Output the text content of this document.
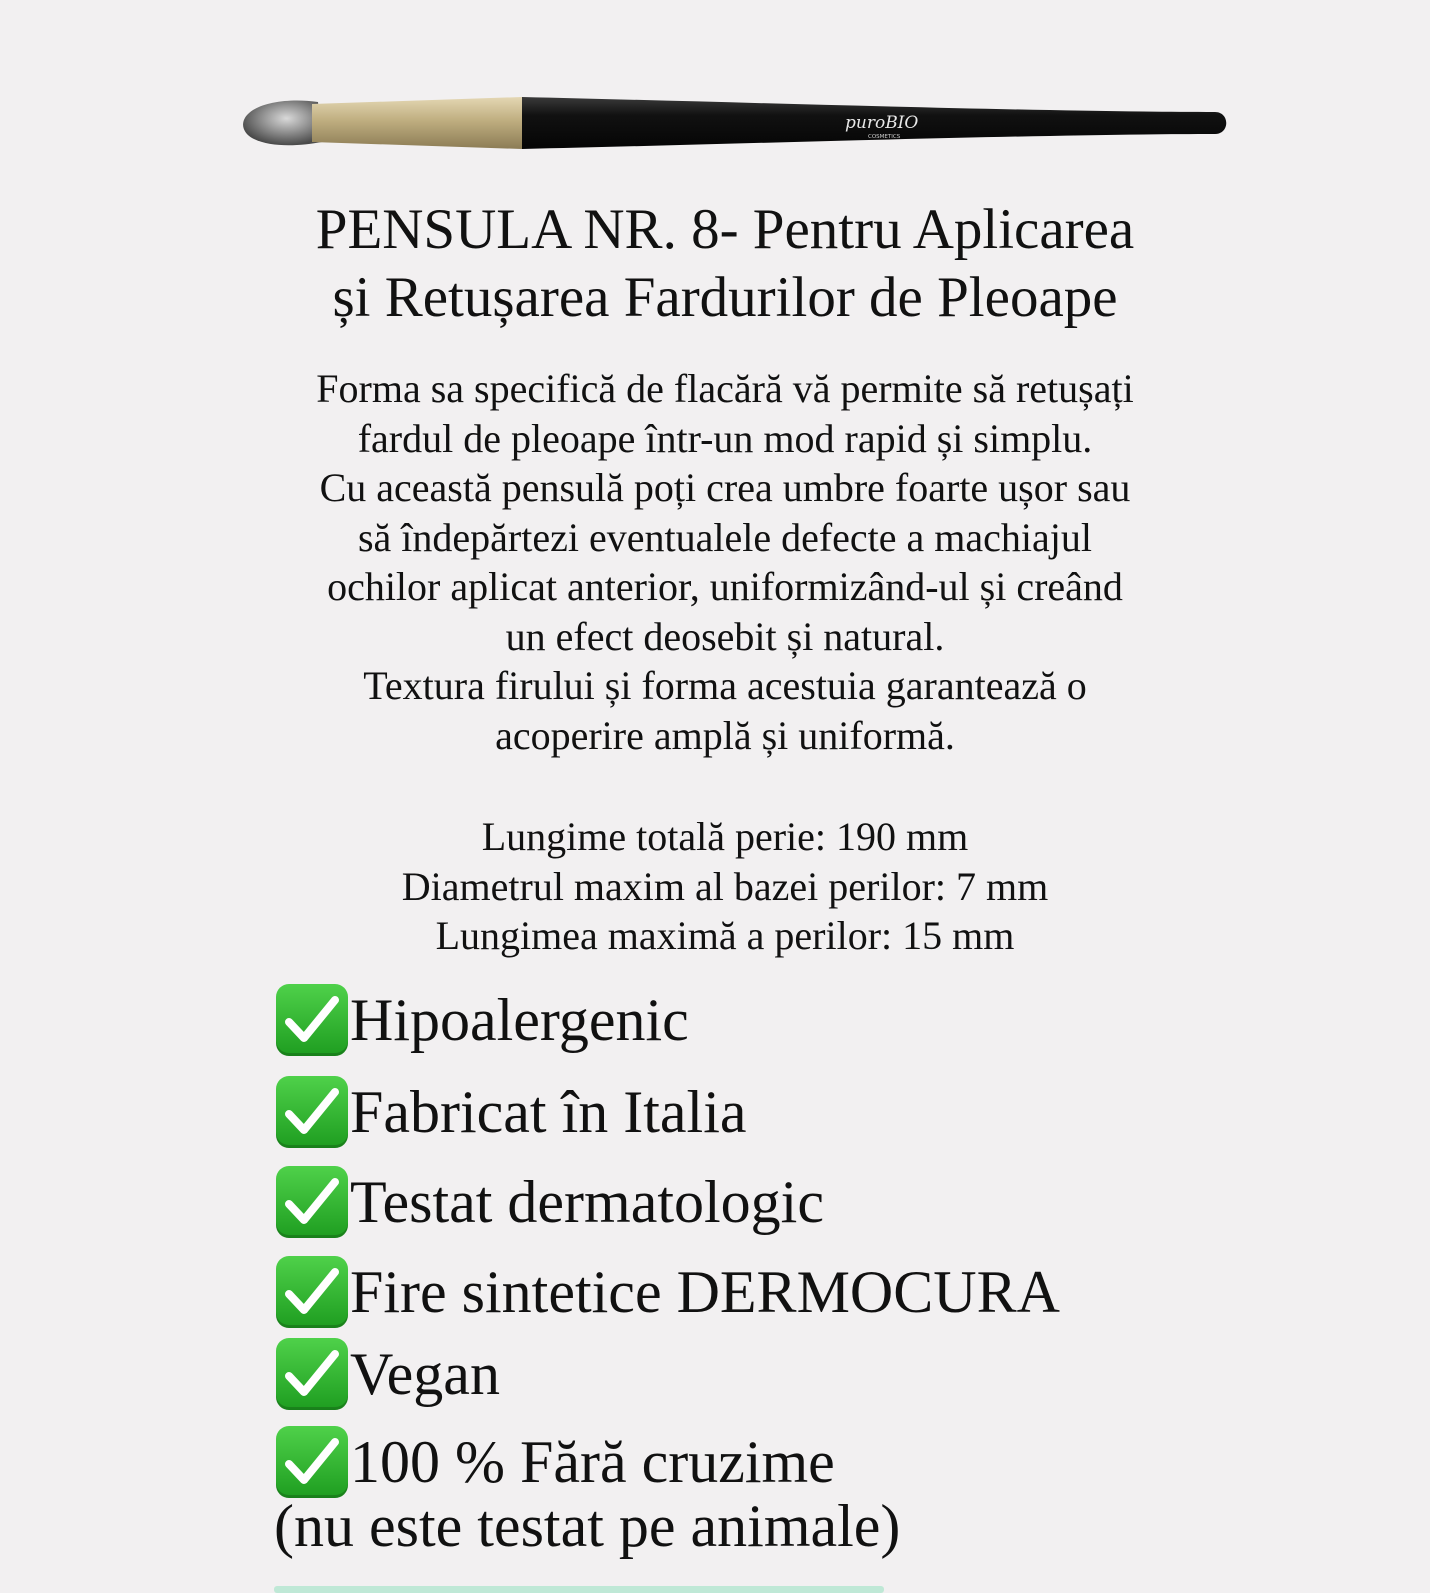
puroBIO
COSMETICS
PENSULA NR. 8- Pentru Aplicarea
și Retușarea Fardurilor de Pleoape
Forma sa specifică de flacără vă permite să retușați
fardul de pleoape într-un mod rapid și simplu.
Cu această pensulă poți crea umbre foarte ușor sau
să îndepărtezi eventualele defecte a machiajul
ochilor aplicat anterior, uniformizând-ul și creând
un efect deosebit și natural.
Textura firului și forma acestuia garantează o
acoperire amplă și uniformă.
Lungime totală perie: 190 mm
Diametrul maxim al bazei perilor: 7 mm
Lungimea maximă a perilor: 15 mm
Hipoalergenic
Fabricat în Italia
Testat dermatologic
Fire sintetice DERMOCURA
Vegan
100 % Fără cruzime
(nu este testat pe animale)
